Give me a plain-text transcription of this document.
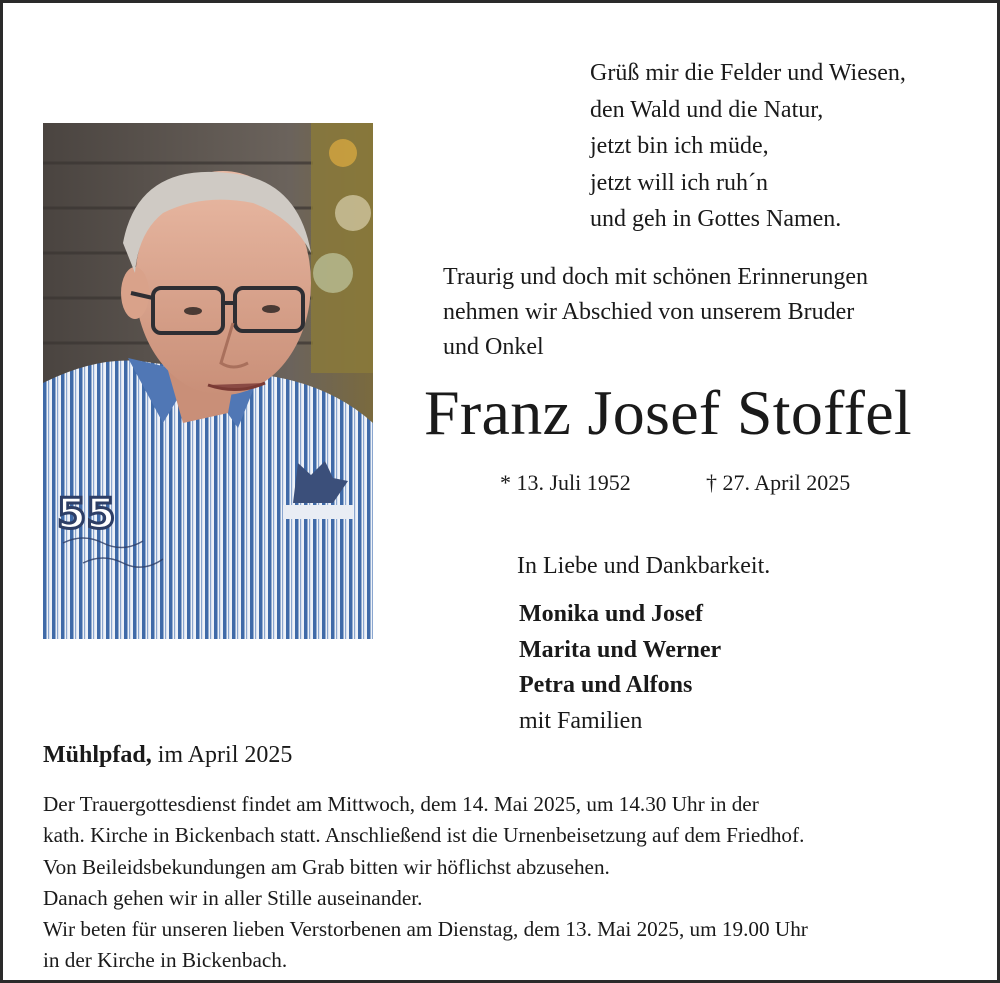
55
Grüß mir die Felder und Wiesen,
den Wald und die Natur,
jetzt bin ich müde,
jetzt will ich ruh´n
und geh in Gottes Namen.
Traurig und doch mit schönen Erinnerungen
nehmen wir Abschied von unserem Bruder
und Onkel
Franz Josef Stoffel
* 13. Juli 1952	† 27. April 2025
In Liebe und Dankbarkeit.
Monika und Josef
Marita und Werner
Petra und Alfons
mit Familien
Mühlpfad, im April 2025
Der Trauergottesdienst findet am Mittwoch, dem 14. Mai 2025, um 14.30 Uhr in der
kath. Kirche in Bickenbach statt. Anschließend ist die Urnenbeisetzung auf dem Friedhof.
Von Beileidsbekundungen am Grab bitten wir höflichst abzusehen.
Danach gehen wir in aller Stille auseinander.
Wir beten für unseren lieben Verstorbenen am Dienstag, dem 13. Mai 2025, um 19.00 Uhr
in der Kirche in Bickenbach.
